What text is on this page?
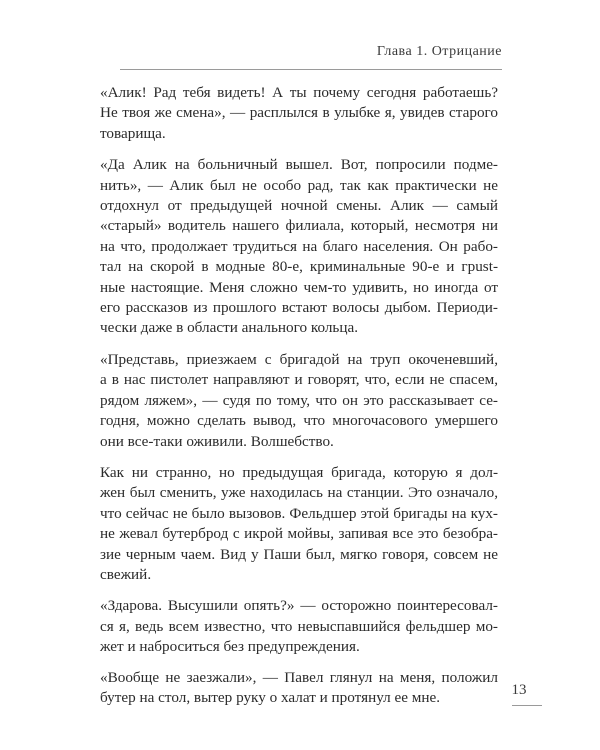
Глава 1. Отрицание
«Алик! Рад тебя видеть! А ты почему сегодня работаешь?
Не твоя же смена», — расплылся в улыбке я, увидев старого
товарища.
«Да Алик на больничный вышел. Вот, попросили подме-
нить», — Алик был не особо рад, так как практически не
отдохнул от предыдущей ночной смены. Алик — самый
«старый» водитель нашего филиала, который, несмотря ни
на что, продолжает трудиться на благо населения. Он рабо-
тал на скорой в модные 80-е, криминальные 90-е и грust-
ные настоящие. Меня сложно чем-то удивить, но иногда от
его рассказов из прошлого встают волосы дыбом. Периоди-
чески даже в области анального кольца.
«Представь, приезжаем с бригадой на труп окоченевший,
а в нас пистолет направляют и говорят, что, если не спасем,
рядом ляжем», — судя по тому, что он это рассказывает се-
годня, можно сделать вывод, что многочасового умершего
они все-таки оживили. Волшебство.
Как ни странно, но предыдущая бригада, которую я дол-
жен был сменить, уже находилась на станции. Это означало,
что сейчас не было вызовов. Фельдшер этой бригады на кух-
не жевал бутерброд с икрой мойвы, запивая все это безобра-
зие черным чаем. Вид у Паши был, мягко говоря, совсем не
свежий.
«Здарова. Высушили опять?» — осторожно поинтересовал-
ся я, ведь всем известно, что невыспавшийся фельдшер мо-
жет и наброситься без предупреждения.
«Вообще не заезжали», — Павел глянул на меня, положил
бутер на стол, вытер руку о халат и протянул ее мне.	13
